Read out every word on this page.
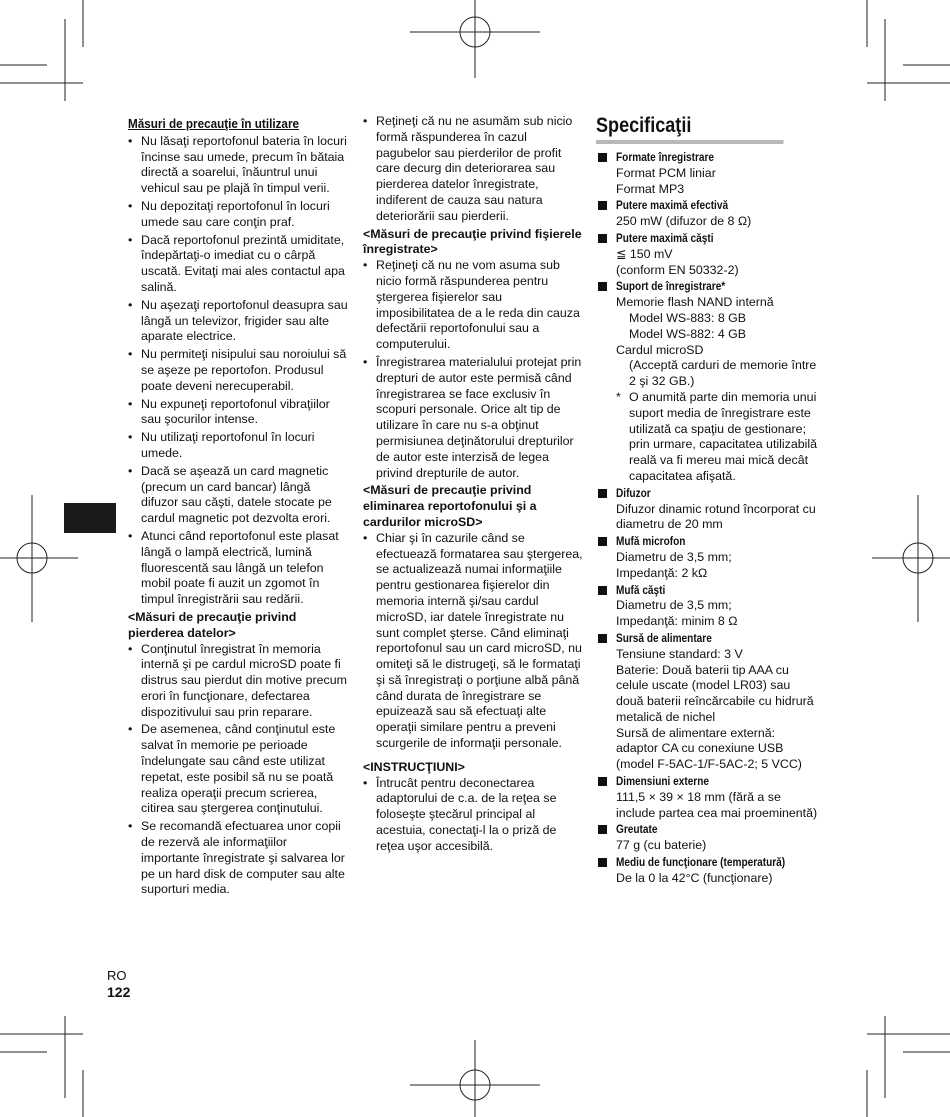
Măsuri de precauţie în utilizare
• Nu lăsaţi reportofonul bateria în locuri încinse sau umede, precum în bătaia directă a soarelui, înăuntrul unui vehicul sau pe plajă în timpul verii.
• Nu depozitaţi reportofonul în locuri umede sau care conţin praf.
• Dacă reportofonul prezintă umiditate, îndepărtaţi-o imediat cu o cârpă uscată. Evitaţi mai ales contactul apa salină.
• Nu aşezaţi reportofonul deasupra sau lângă un televizor, frigider sau alte aparate electrice.
• Nu permiteţi nisipului sau noroiului să se aşeze pe reportofon. Produsul poate deveni nerecuperabil.
• Nu expuneţi reportofonul vibraţiilor sau şocurilor intense.
• Nu utilizaţi reportofonul în locuri umede.
• Dacă se aşează un card magnetic (precum un card bancar) lângă difuzor sau căşti, datele stocate pe cardul magnetic pot dezvolta erori.
• Atunci când reportofonul este plasat lângă o lampă electrică, lumină fluorescentă sau lângă un telefon mobil poate fi auzit un zgomot în timpul înregistrării sau redării.
<Măsuri de precauţie privind pierderea datelor>
• Conţinutul înregistrat în memoria internă şi pe cardul microSD poate fi distrus sau pierdut din motive precum erori în funcţionare, defectarea dispozitivului sau prin reparare.
• De asemenea, când conţinutul este salvat în memorie pe perioade îndelungate sau când este utilizat repetat, este posibil să nu se poată realiza operaţii precum scrierea, citirea sau ştergerea conţinutului.
• Se recomandă efectuarea unor copii de rezervă ale informaţiilor importante înregistrate şi salvarea lor pe un hard disk de computer sau alte suporturi media.
• Reţineţi că nu ne asumăm sub nicio formă răspunderea în cazul pagubelor sau pierderilor de profit care decurg din deteriorarea sau pierderea datelor înregistrate, indiferent de cauza sau natura deteriorării sau pierderii.
<Măsuri de precauţie privind fişierele înregistrate>
• Reţineţi că nu ne vom asuma sub nicio formă răspunderea pentru ştergerea fişierelor sau imposibilitatea de a le reda din cauza defectării reportofonului sau a computerului.
• Înregistrarea materialului protejat prin drepturi de autor este permisă când înregistrarea se face exclusiv în scopuri personale. Orice alt tip de utilizare în care nu s-a obţinut permisiunea deţinătorului drepturilor de autor este interzisă de legea privind drepturile de autor.
<Măsuri de precauţie privind eliminarea reportofonului şi a cardurilor microSD>
• Chiar şi în cazurile când se efectuează formatarea sau ştergerea, se actualizează numai informaţiile pentru gestionarea fişierelor din memoria internă şi/sau cardul microSD, iar datele înregistrate nu sunt complet şterse. Când eliminaţi reportofonul sau un card microSD, nu omiteţi să le distrugeţi, să le formataţi şi să înregistraţi o porţiune albă până când durata de înregistrare se epuizează sau să efectuaţi alte operaţii similare pentru a preveni scurgerile de informaţii personale.
<INSTRUCŢIUNI>
• Întrucât pentru deconectarea adaptorului de c.a. de la reţea se foloseşte ştecărul principal al acestuia, conectaţi-l la o priză de reţea uşor accesibilă.
Specificaţii
Formate înregistrare
Format PCM liniar
Format MP3
Putere maximă efectivă
250 mW (difuzor de 8 Ω)
Putere maximă căşti
≦ 150 mV
(conform EN 50332-2)
Suport de înregistrare*
Memorie flash NAND internă
Model WS-883: 8 GB
Model WS-882: 4 GB
Cardul microSD
(Acceptă carduri de memorie între 2 şi 32 GB.)
* O anumită parte din memoria unui suport media de înregistrare este utilizată ca spaţiu de gestionare; prin urmare, capacitatea utilizabilă reală va fi mereu mai mică decât capacitatea afişată.
Difuzor
Difuzor dinamic rotund încorporat cu diametru de 20 mm
Mufă microfon
Diametru de 3,5 mm;
Impedanţă: 2 kΩ
Mufă căşti
Diametru de 3,5 mm;
Impedanţă: minim 8 Ω
Sursă de alimentare
Tensiune standard: 3 V
Baterie: Două baterii tip AAA cu celule uscate (model LR03) sau două baterii reîncărcabile cu hidrură metalică de nichel
Sursă de alimentare externă: adaptor CA cu conexiune USB (model F-5AC-1/F-5AC-2; 5 VCC)
Dimensiuni externe
111,5 × 39 × 18 mm (fără a se include partea cea mai proeminentă)
Greutate
77 g (cu baterie)
Mediu de funcţionare (temperatură)
De la 0 la 42°C (funcţionare)
RO
122
